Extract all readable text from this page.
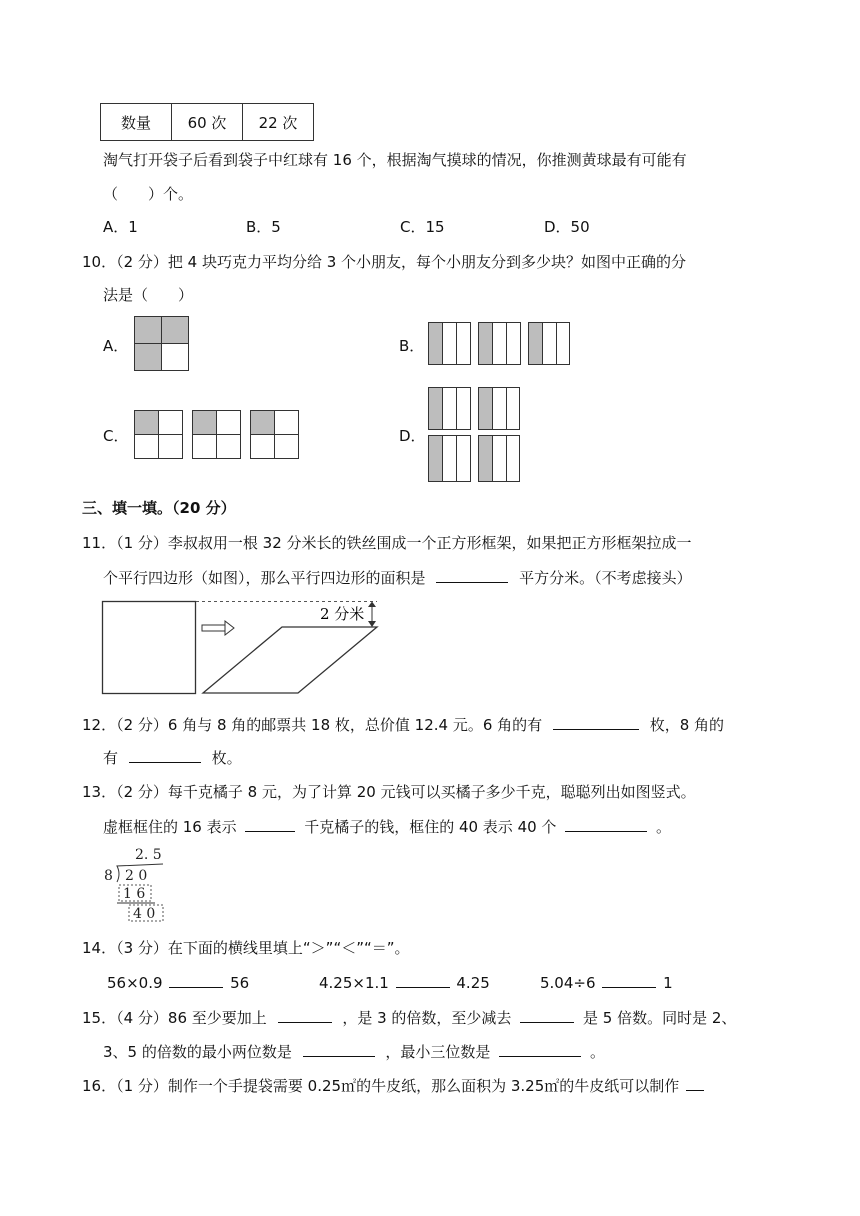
数量	60 次	22 次
淘气打开袋子后看到袋子中红球有 16 个，根据淘气摸球的情况，你推测黄球最有可能有
（　　）个。
A．1	B．5	C．15	D．50
10．（2 分）把 4 块巧克力平均分给 3 个小朋友，每个小朋友分到多少块？如图中正确的分
法是（　　）
A．	B．
C．	D．
三、填一填。（20 分）
11．（1 分）李叔叔用一根 32 分米长的铁丝围成一个正方形框架，如果把正方形框架拉成一
个平行四边形（如图），那么平行四边形的面积是	平方分米。（不考虑接头）
2 分米
12．（2 分）6 角与 8 角的邮票共 18 枚，总价值 12.4 元。6 角的有	枚，8 角的
有	枚。
13．（2 分）每千克橘子 8 元，为了计算 20 元钱可以买橘子多少千克，聪聪列出如图竖式。
虚框框住的 16 表示	千克橘子的钱，框住的 40 表示 40 个	。
2. 5
8 2 0
1 6
4 0
14．（3 分）在下面的横线里填上“＞”“＜”“＝”。
56×0.9	56	4.25×1.1	4.25	5.04÷6	1
15．（4 分）86 至少要加上	，是 3 的倍数，至少减去	是 5 倍数。同时是 2、
3、5 的倍数的最小两位数是	，最小三位数是	。
16．（1 分）制作一个手提袋需要 0.25㎡的牛皮纸，那么面积为 3.25㎡的牛皮纸可以制作
